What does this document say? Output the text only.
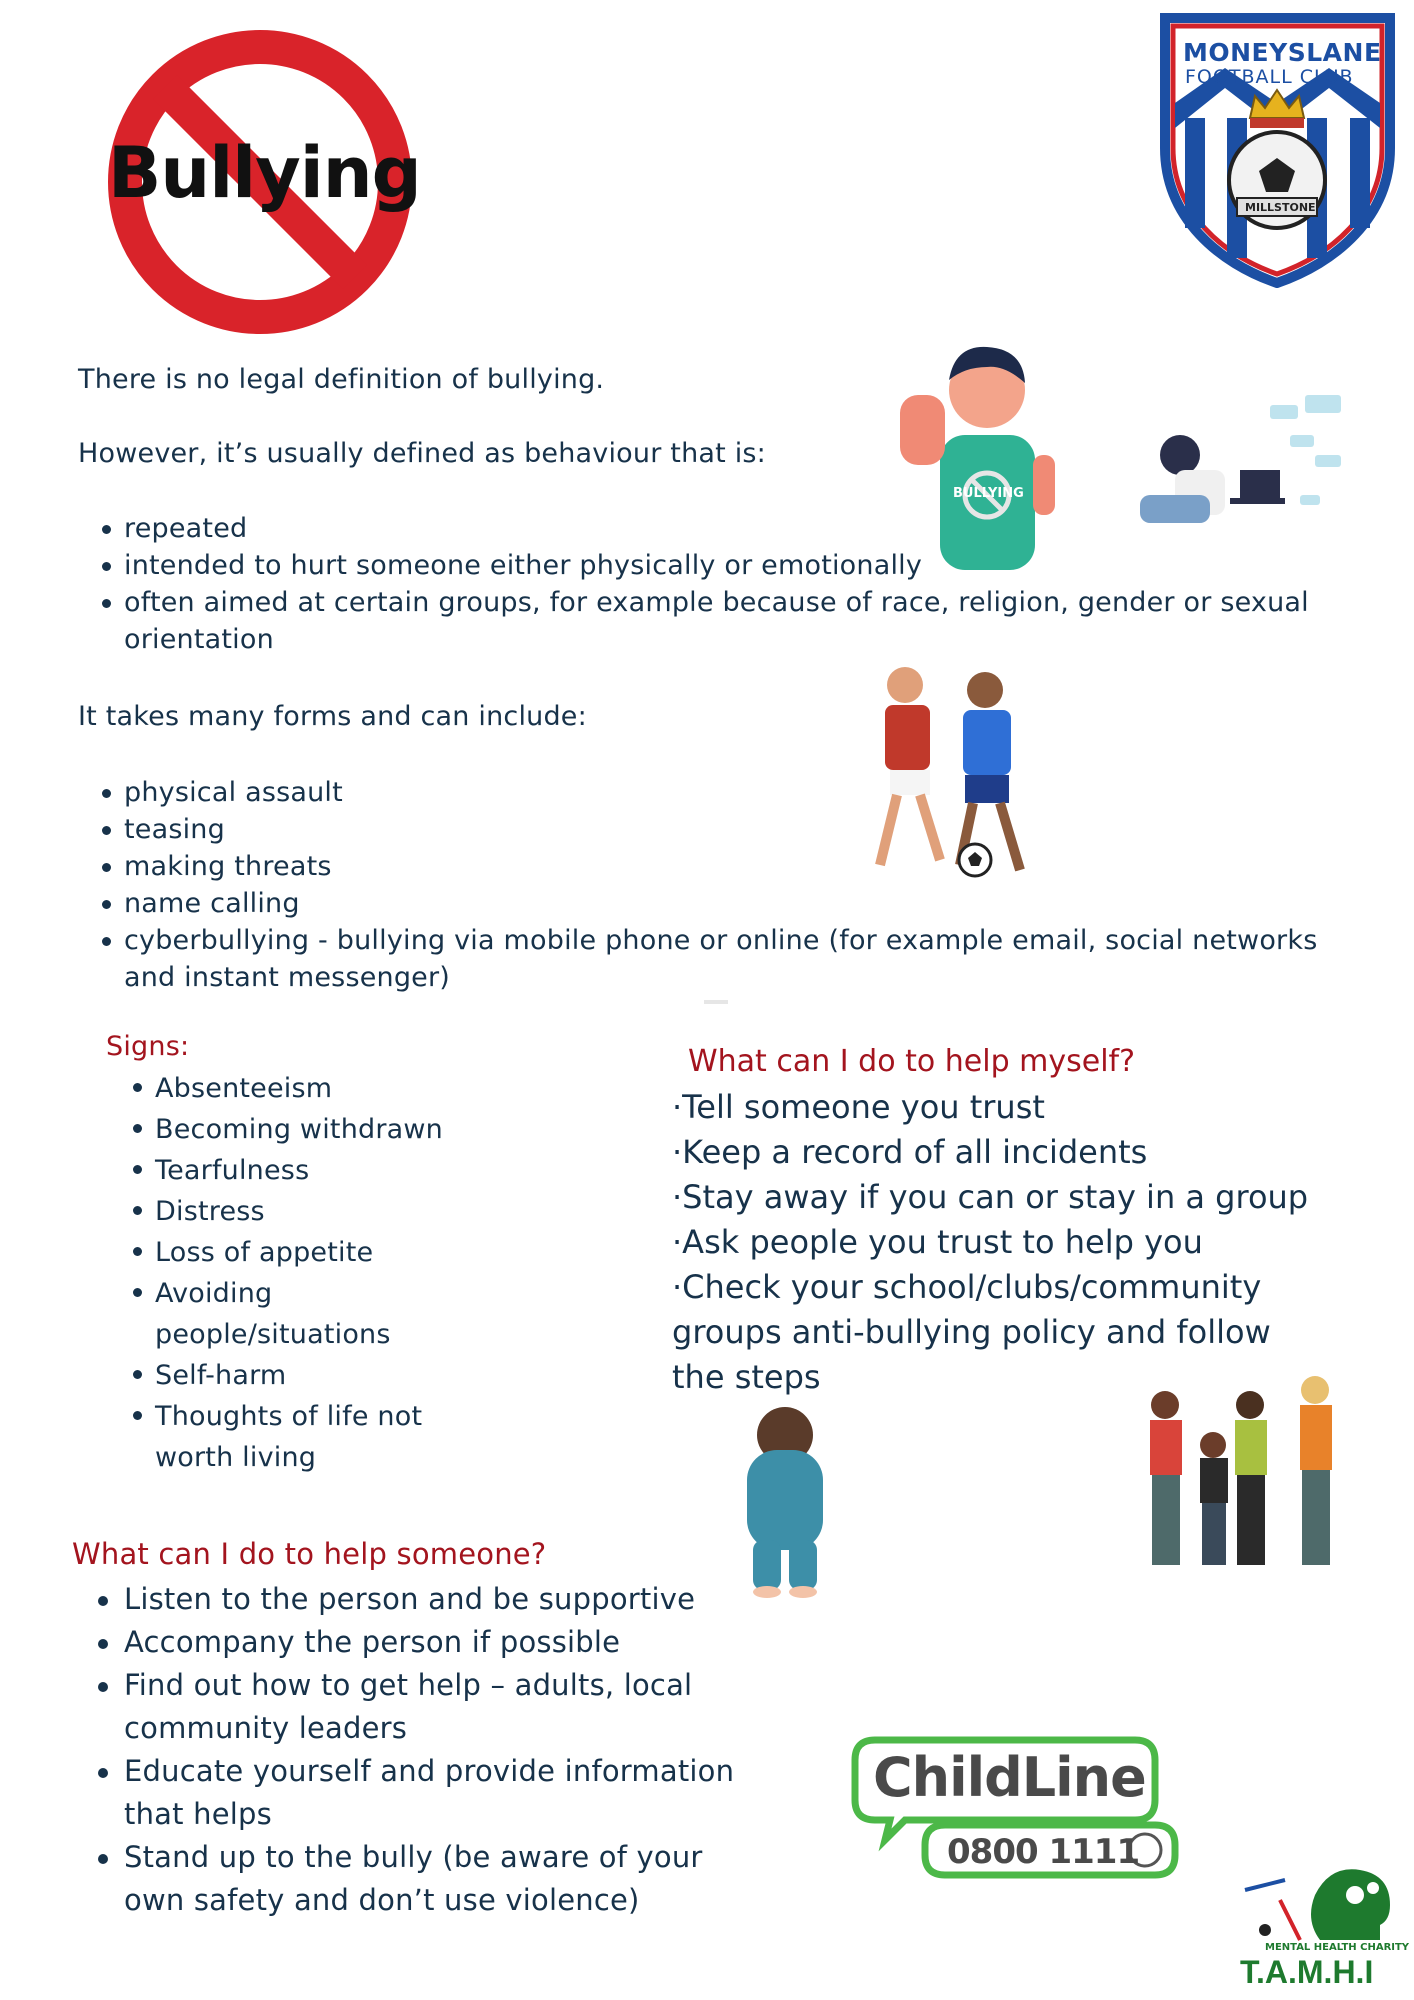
Bullying
MONEYSLANE
FOOTBALL CLUB
MILLSTONE
There is no legal definition of bullying.
However, it’s usually defined as behaviour that is:
repeated
intended to hurt someone either physically or emotionally
often aimed at certain groups, for example because of race, religion, gender or sexual orientation
It takes many forms and can include:
physical assault
teasing
making threats
name calling
cyberbullying - bullying via mobile phone or online (for example email, social networks and instant messenger)
BULLYING
Signs:
Absenteeism
Becoming withdrawn
Tearfulness
Distress
Loss of appetite
Avoiding people/situations
Self-harm
Thoughts of life not worth living
What can I do to help myself?
·Tell someone you trust
·Keep a record of all incidents
·Stay away if you can or stay in a group
·Ask people you trust to help you
·Check your school/clubs/community groups anti-bullying policy and follow the steps
What can I do to help someone?
Listen to the person and be supportive
Accompany the person if possible
Find out how to get help – adults, local community leaders
Educate yourself and provide information that helps
Stand up to the bully (be aware of your own safety and don’t use violence)
ChildLine
0800 1111
MENTAL HEALTH CHARITY
T.A.M.H.I
